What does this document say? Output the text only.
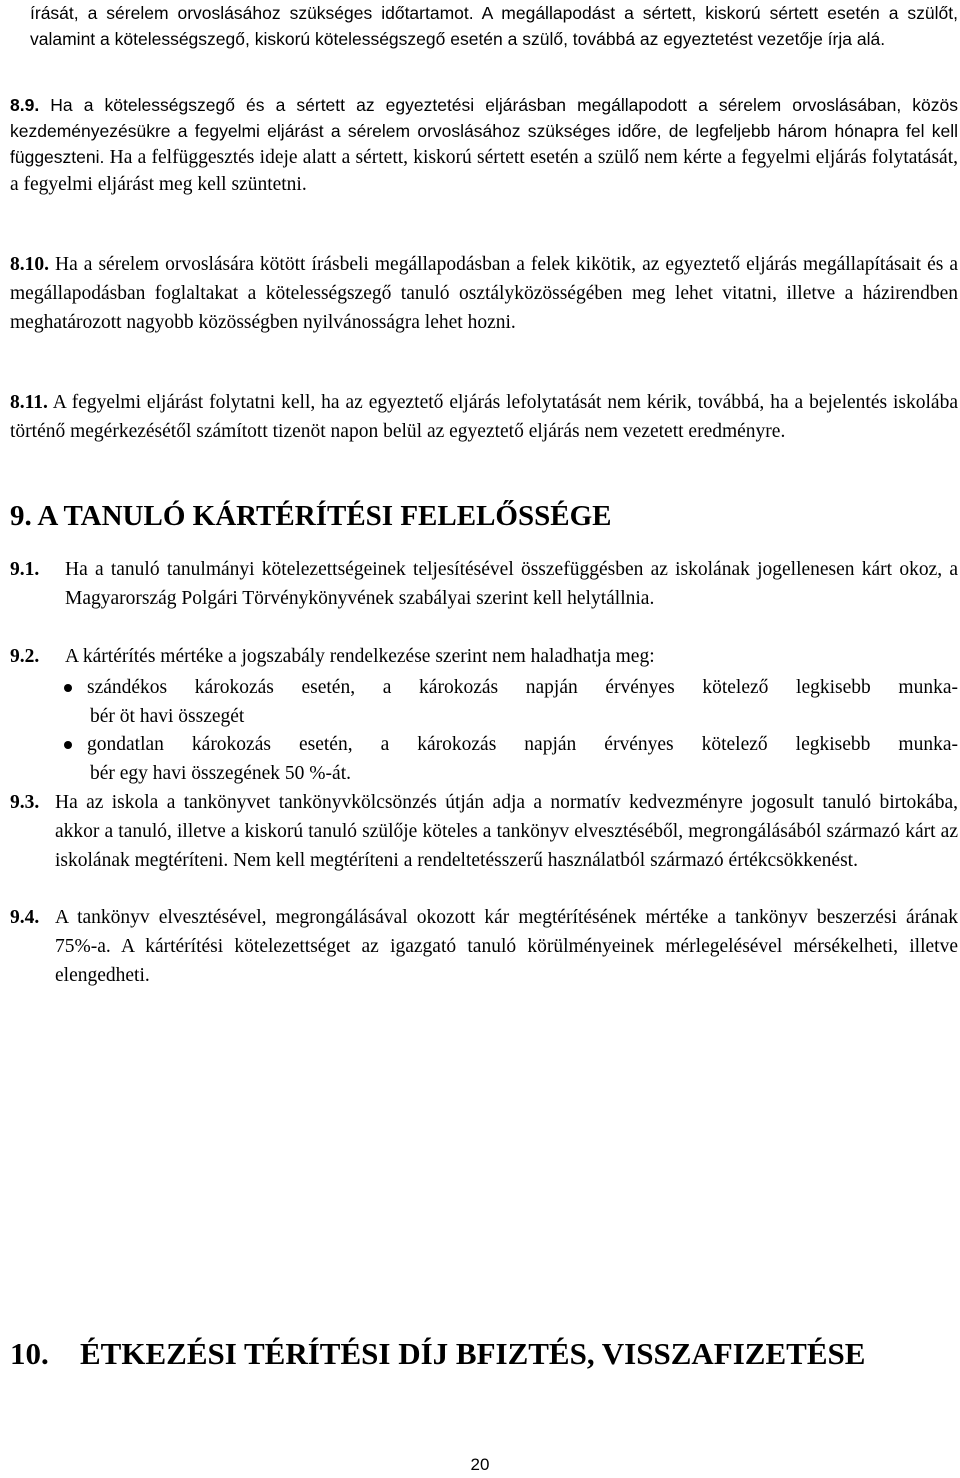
írását, a sérelem orvoslásához szükséges időtartamot. A megállapodást a sértett, kiskorú sértett esetén a szülőt, valamint a kötelességszegő, kiskorú kötelességszegő esetén a szülő, továbbá az egyeztetést vezetője írja alá.

8.9. Ha a kötelességszegő és a sértett az egyeztetési eljárásban megállapodott a sérelem orvoslásában, közös kezdeményezésükre a fegyelmi eljárást a sérelem orvoslásához szükséges időre, de legfeljebb három hónapra fel kell függeszteni. Ha a felfüggesztés ideje alatt a sértett, kiskorú sértett esetén a szülő nem kérte a fegyelmi eljárás folytatását, a fegyelmi eljárást meg kell szüntetni.

8.10. Ha a sérelem orvoslására kötött írásbeli megállapodásban a felek kikötik, az egyeztető eljárás megállapításait és a megállapodásban foglaltakat a kötelességszegő tanuló osztályközösségében meg lehet vitatni, illetve a házirendben meghatározott nagyobb közösségben nyilvánosságra lehet hozni.

8.11. A fegyelmi eljárást folytatni kell, ha az egyeztető eljárás lefolytatását nem kérik, továbbá, ha a bejelentés iskolába történő megérkezésétől számított tizenöt napon belül az egyeztető eljárás nem vezetett eredményre.

9. A TANULÓ KÁRTÉRÍTÉSI FELELŐSSÉGE
9.1. Ha a tanuló tanulmányi kötelezettségeinek teljesítésével összefüggésben az iskolának jogellenesen kárt okoz, a Magyarország Polgári Törvénykönyvének szabályai szerint kell helytállnia.
9.2. A kártérítés mértéke a jogszabály rendelkezése szerint nem haladhatja meg:
szándékos károkozás esetén, a károkozás napján érvényes kötelező legkisebb munka-
bér öt havi összegét
gondatlan károkozás esetén, a károkozás napján érvényes kötelező legkisebb munka-
bér egy havi összegének 50 %-át.
9.3. Ha az iskola a tankönyvet tankönyvkölcsönzés útján adja a normatív kedvezményre jogosult tanuló birtokába, akkor a tanuló, illetve a kiskorú tanuló szülője köteles a tankönyv elvesztéséből, megrongálásából származó kárt az iskolának megtéríteni. Nem kell megtéríteni a rendeltetésszerű használatból származó értékcsökkenést.
9.4. A tankönyv elvesztésével, megrongálásával okozott kár megtérítésének mértéke a tankönyv beszerzési árának 75%-a. A kártérítési kötelezettséget az igazgató tanuló körülményeinek mérlegelésével mérsékelheti, illetve elengedheti.
10. ÉTKEZÉSI TÉRÍTÉSI DÍJ BFIZTÉS, VISSZAFIZETÉSE
20
